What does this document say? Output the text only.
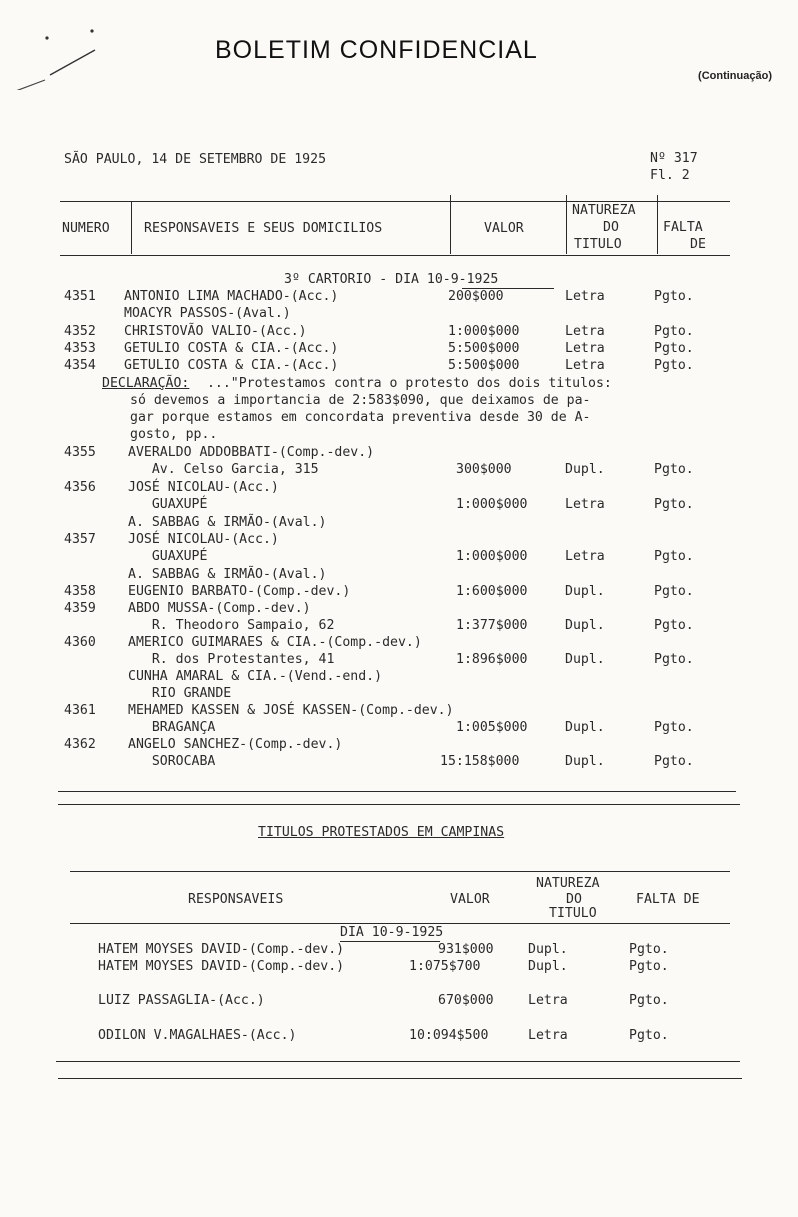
BOLETIM CONFIDENCIAL
(Continuação)
SÃO PAULO, 14 DE SETEMBRO DE 1925	Nº 317
Fl. 2
NUMERO	RESPONSAVEIS E SEUS DOMICILIOS	VALOR
NATUREZA
DO
TITULO
FALTA
DE
3º CARTORIO - DIA 10-9-1925
4351 ANTONIO LIMA MACHADO-(Acc.)	200$000	Letra	Pgto.
MOACYR PASSOS-(Aval.)
4352 CHRISTOVÃO VALIO-(Acc.)	1:000$000	Letra	Pgto.
4353 GETULIO COSTA & CIA.-(Acc.)	5:500$000	Letra	Pgto.
4354 GETULIO COSTA & CIA.-(Acc.)	5:500$000	Letra	Pgto.
DECLARAÇÃO: ..."Protestamos contra o protesto dos dois titulos:
só devemos a importancia de 2:583$090, que deixamos de pa-
gar porque estamos em concordata preventiva desde 30 de A-
gosto, pp..
4355 AVERALDO ADDOBBATI-(Comp.-dev.)
Av. Celso Garcia, 315	300$000	Dupl.	Pgto.
4356 JOSÉ NICOLAU-(Acc.)
GUAXUPÉ	1:000$000	Letra	Pgto.
A. SABBAG & IRMÃO-(Aval.)
4357 JOSÉ NICOLAU-(Acc.)
GUAXUPÉ	1:000$000	Letra	Pgto.
A. SABBAG & IRMÃO-(Aval.)
4358 EUGENIO BARBATO-(Comp.-dev.)	1:600$000	Dupl.	Pgto.
4359 ABDO MUSSA-(Comp.-dev.)
R. Theodoro Sampaio, 62	1:377$000	Dupl.	Pgto.
4360 AMERICO GUIMARAES & CIA.-(Comp.-dev.)
R. dos Protestantes, 41	1:896$000	Dupl.	Pgto.
CUNHA AMARAL & CIA.-(Vend.-end.)
RIO GRANDE
4361 MEHAMED KASSEN & JOSÉ KASSEN-(Comp.-dev.)
BRAGANÇA	1:005$000	Dupl.	Pgto.
4362 ANGELO SANCHEZ-(Comp.-dev.)
SOROCABA	15:158$000	Dupl.	Pgto.
TITULOS PROTESTADOS EM CAMPINAS
RESPONSAVEIS	VALOR
NATUREZA
DO
TITULO
FALTA DE
DIA 10-9-1925
HATEM MOYSES DAVID-(Comp.-dev.)	931$000	Dupl.	Pgto.
HATEM MOYSES DAVID-(Comp.-dev.)	1:075$700	Dupl.	Pgto.
LUIZ PASSAGLIA-(Acc.)	670$000	Letra	Pgto.
ODILON V.MAGALHAES-(Acc.)	10:094$500	Letra	Pgto.
